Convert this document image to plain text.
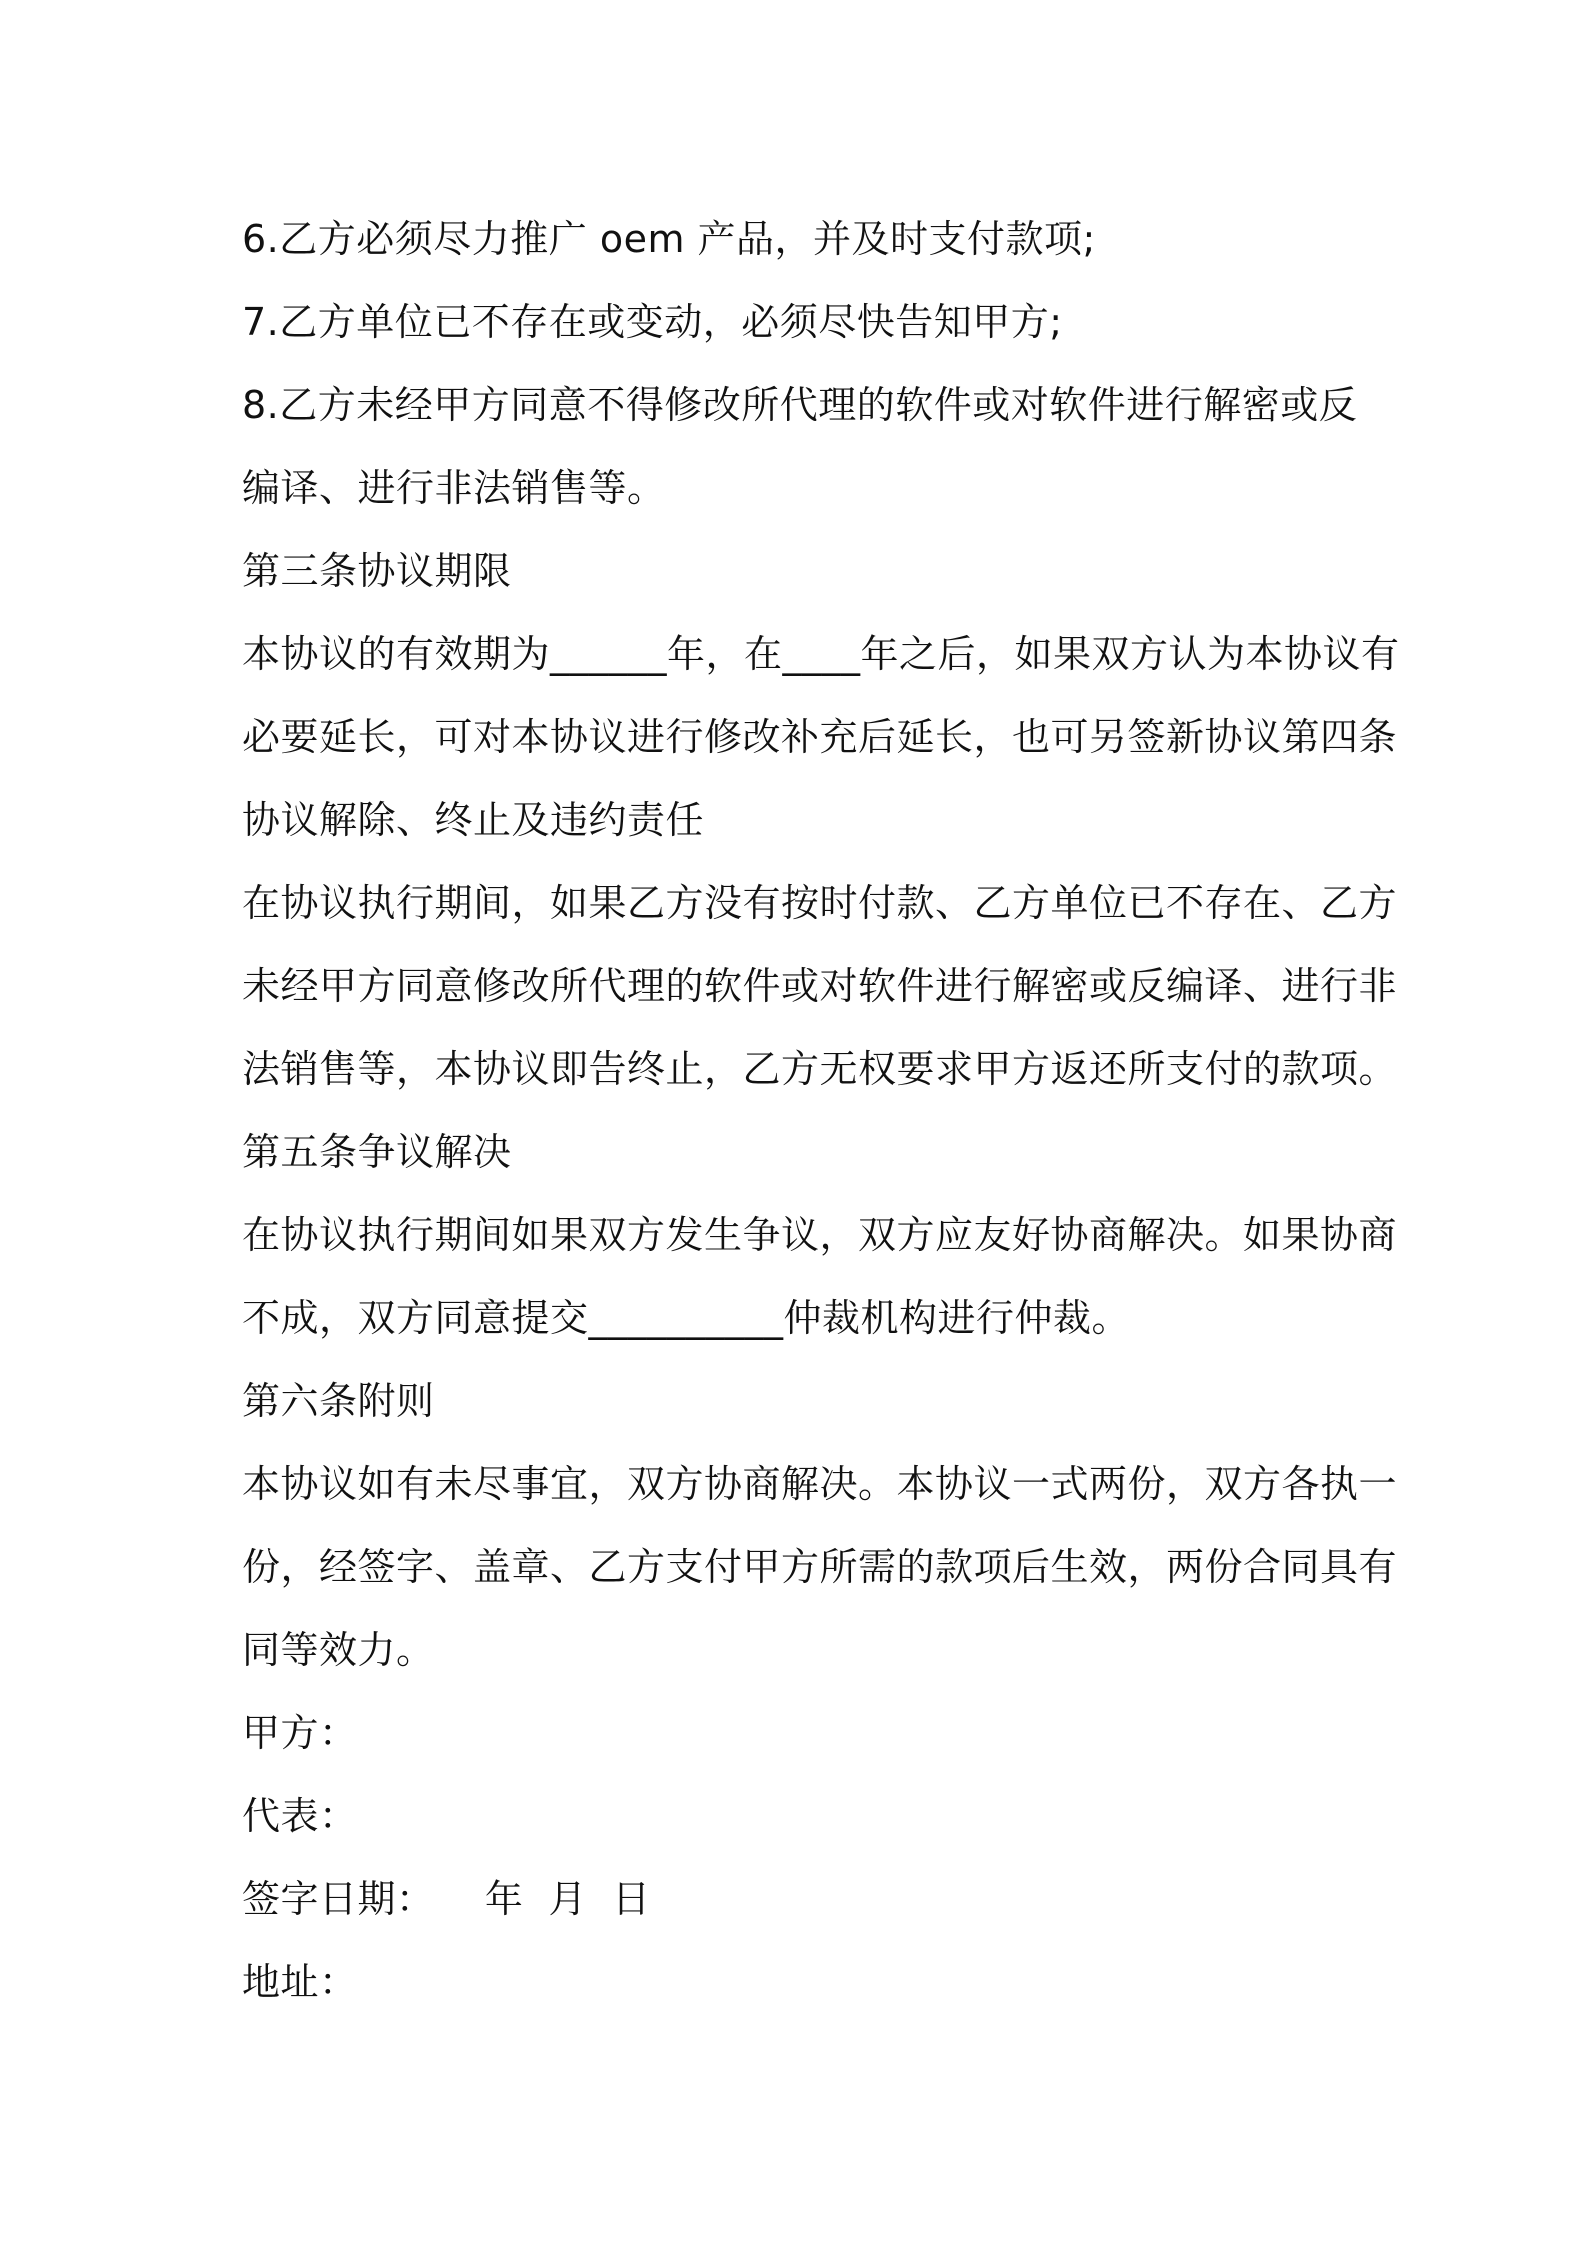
6.乙方必须尽力推广 oem 产品，并及时支付款项;
7.乙方单位已不存在或变动，必须尽快告知甲方;
8.乙方未经甲方同意不得修改所代理的软件或对软件进行解密或反
编译、进行非法销售等。
第三条协议期限
本协议的有效期为______年，在____年之后，如果双方认为本协议有
必要延长，可对本协议进行修改补充后延长，也可另签新协议第四条
协议解除、终止及违约责任
在协议执行期间，如果乙方没有按时付款、乙方单位已不存在、乙方
未经甲方同意修改所代理的软件或对软件进行解密或反编译、进行非
法销售等，本协议即告终止，乙方无权要求甲方返还所支付的款项。
第五条争议解决
在协议执行期间如果双方发生争议，双方应友好协商解决。如果协商
不成，双方同意提交__________仲裁机构进行仲裁。
第六条附则
本协议如有未尽事宜，双方协商解决。本协议一式两份，双方各执一
份，经签字、盖章、乙方支付甲方所需的款项后生效，两份合同具有
同等效力。
甲方：
代表：
签字日期：    年  月  日
地址：
